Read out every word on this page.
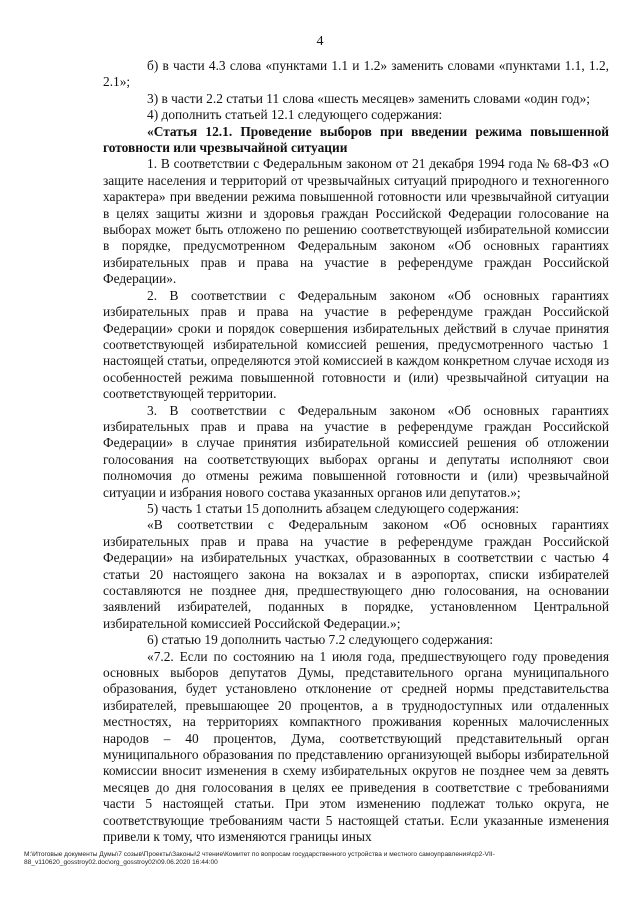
4

б) в части 4.3 слова «пунктами 1.1 и 1.2» заменить словами «пунктами 1.1, 1.2, 2.1»;

3) в части 2.2 статьи 11 слова «шесть месяцев» заменить словами «один год»;

4) дополнить статьей 12.1 следующего содержания:

«Статья 12.1. Проведение выборов при введении режима повышенной готовности или чрезвычайной ситуации

1. В соответствии с Федеральным законом от 21 декабря 1994 года № 68-ФЗ «О защите населения и территорий от чрезвычайных ситуаций природного и техногенного характера» при введении режима повышенной готовности или чрезвычайной ситуации в целях защиты жизни и здоровья граждан Российской Федерации голосование на выборах может быть отложено по решению соответствующей избирательной комиссии в порядке, предусмотренном Федеральным законом «Об основных гарантиях избирательных прав и права на участие в референдуме граждан Российской Федерации».

2. В соответствии с Федеральным законом «Об основных гарантиях избирательных прав и права на участие в референдуме граждан Российской Федерации» сроки и порядок совершения избирательных действий в случае принятия соответствующей избирательной комиссией решения, предусмотренного частью 1 настоящей статьи, определяются этой комиссией в каждом конкретном случае исходя из особенностей режима повышенной готовности и (или) чрезвычайной ситуации на соответствующей территории.

3. В соответствии с Федеральным законом «Об основных гарантиях избирательных прав и права на участие в референдуме граждан Российской Федерации» в случае принятия избирательной комиссией решения об отложении голосования на соответствующих выборах органы и депутаты исполняют свои полномочия до отмены режима повышенной готовности и (или) чрезвычайной ситуации и избрания нового состава указанных органов или депутатов.»;

5) часть 1 статьи 15 дополнить абзацем следующего содержания:

«В соответствии с Федеральным законом «Об основных гарантиях избирательных прав и права на участие в референдуме граждан Российской Федерации» на избирательных участках, образованных в соответствии с частью 4 статьи 20 настоящего закона на вокзалах и в аэропортах, списки избирателей составляются не позднее дня, предшествующего дню голосования, на основании заявлений избирателей, поданных в порядке, установленном Центральной избирательной комиссией Российской Федерации.»;

6) статью 19 дополнить частью 7.2 следующего содержания:

«7.2. Если по состоянию на 1 июля года, предшествующего году проведения основных выборов депутатов Думы, представительного органа муниципального образования, будет установлено отклонение от средней нормы представительства избирателей, превышающее 20 процентов, а в труднодоступных или отдаленных местностях, на территориях компактного проживания коренных малочисленных народов – 40 процентов, Дума, соответствующий представительный орган муниципального образования по представлению организующей выборы избирательной комиссии вносит изменения в схему избирательных округов не позднее чем за девять месяцев до дня голосования в целях ее приведения в соответствие с требованиями части 5 настоящей статьи. При этом изменению подлежат только округа, не соответствующие требованиям части 5 настоящей статьи. Если указанные изменения привели к тому, что изменяются границы иных

M:\Итоговые документы Думы\7 созыв\Проекты\Законы\2 чтение\Комитет по вопросам государственного устройства и местного самоуправления\cp2-VII-88_v110620_gosstroy02.doc\org_gosstroy02\09.06.2020 16:44:00
